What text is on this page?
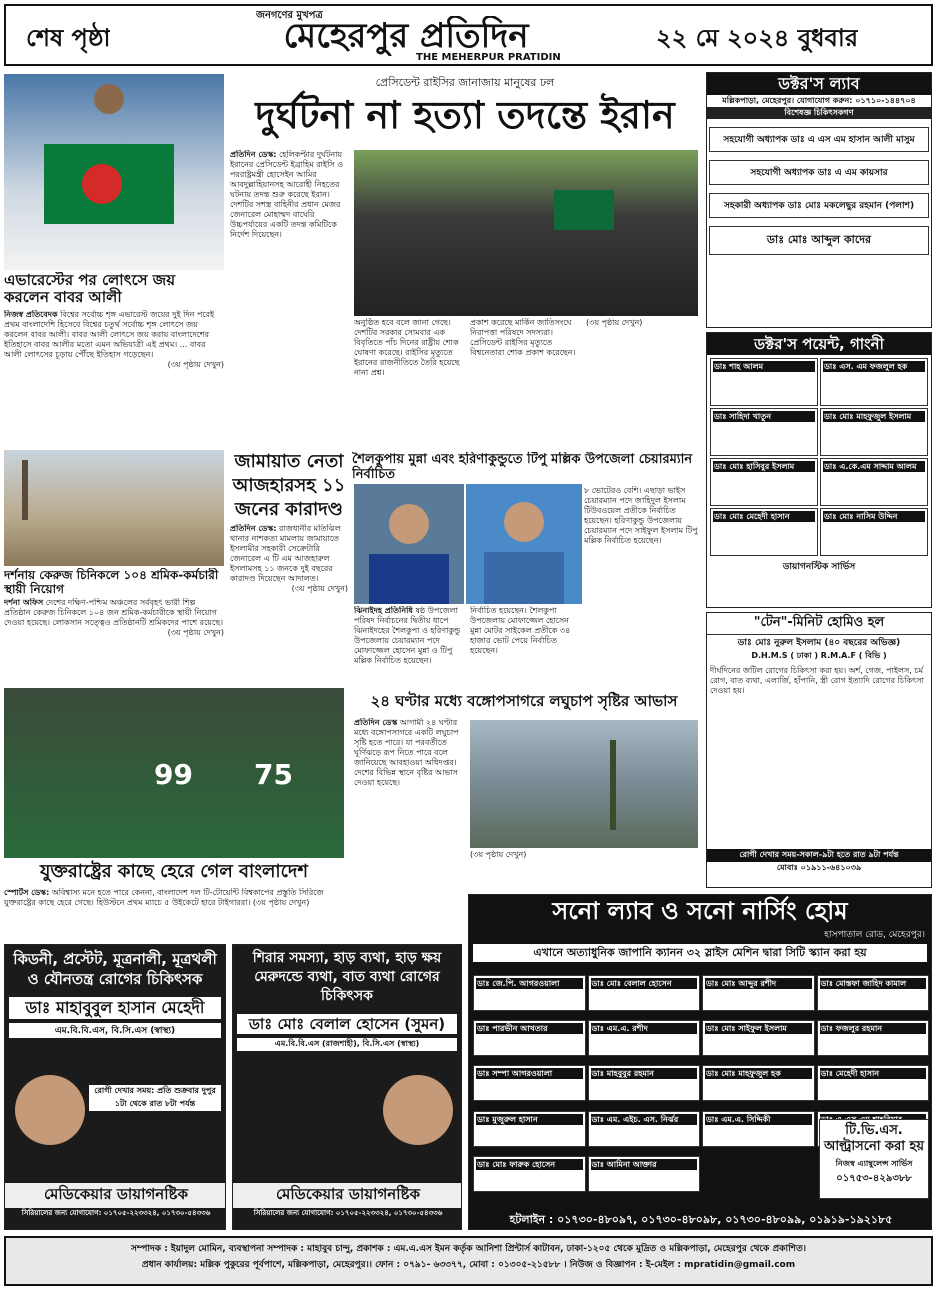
শেষ পৃষ্ঠা
জনগণের মুখপত্র
মেহেরপুর প্রতিদিন
THE MEHERPUR PRATIDIN
২২ মে ২০২৪ বুধবার
এভারেস্টের পর লোৎসে জয় করলেন বাবর আলী
নিজস্ব প্রতিবেদক বিশ্বের সর্বোচ্চ শৃঙ্গ এভারেস্ট জয়ের দুই দিন পরেই প্রথম বাংলাদেশি হিসেবে বিশ্বের চতুর্থ সর্বোচ্চ শৃঙ্গ লোৎসে জয় করলেন বাবর আলী। বাবর আলী লোৎসে জয় করায় বাংলাদেশের ইতিহাসে বাবর আলীর মতো এমন অভিযাত্রী এই প্রথম। ... বাবর আলী লোৎসের চূড়ায় পৌঁছে ইতিহাস গড়েছেন।
(৩য় পৃষ্ঠায় দেখুন)
প্রেসিডেন্ট রাইসির জানাজায় মানুষের ঢল
দুর্ঘটনা না হত্যা তদন্তে ইরান
প্রতিদিন ডেস্ক: হেলিকপ্টার দুর্ঘটনায় ইরানের প্রেসিডেন্ট ইব্রাহিম রাইসি ও পররাষ্ট্রমন্ত্রী হোসেইন আমির আবদুল্লাহিয়ানসহ আরোহী নিহতের ঘটনায় তদন্ত শুরু করেছে ইরান। দেশটির সশস্ত্র বাহিনীর প্রধান মেজর জেনারেল মোহাম্মদ বাঘেরি উচ্চপর্যায়ের একটি তদন্ত কমিটিকে নির্দেশ দিয়েছেন।
অনুষ্ঠিত হবে বলে জানা গেছে। দেশটির সরকার সোমবার এক বিবৃতিতে পাঁচ দিনের রাষ্ট্রীয় শোক ঘোষণা করেছে। রাইসির মৃত্যুতে ইরানের রাজনীতিতে তৈরি হয়েছে নানা প্রশ্ন।
প্রকাশ করেছে মার্কিন জাতিসংঘে নিরাপত্তা পরিষদে সদস্যরা। প্রেসিডেন্ট রাইসির মৃত্যুতে বিশ্বনেতারা শোক প্রকাশ করেছেন।
(৩য় পৃষ্ঠায় দেখুন)
দর্শনায় কেরুজ চিনিকলে ১০৪ শ্রমিক-কর্মচারী স্থায়ী নিয়োগ
দর্শনা অফিস দেশের দক্ষিণ-পশ্চিম অঞ্চলের সর্ববৃহৎ ভারী শিল্প প্রতিষ্ঠান কেরুজ চিনিকলে ১০৪ জন শ্রমিক-কর্মচারীকে স্থায়ী নিয়োগ দেওয়া হয়েছে। লোকসান সত্ত্বেও প্রতিষ্ঠানটি শ্রমিকদের পাশে রয়েছে।
(৩য় পৃষ্ঠায় দেখুন)
জামায়াত নেতা আজহারসহ ১১ জনের কারাদণ্ড
প্রতিদিন ডেস্ক: রাজধানীর মতিঝিল থানার নাশকতা মামলায় জামায়াতে ইসলামীর সহকারী সেক্রেটারি জেনারেল এ টি এম আজহারুল ইসলামসহ ১১ জনকে দুই বছরের কারাদণ্ড দিয়েছেন আদালত।
(৩য় পৃষ্ঠায় দেখুন)
শৈলকুপায় মুন্না এবং হরিণাকুন্ডুতে টিপু মল্লিক উপজেলা চেয়ারম্যান নির্বাচিত
৮ ভোটেরও বেশি। এছাড়া ভাইস চেয়ারম্যান পদে জাহিদুল ইসলাম টিউবওয়েল প্রতীকে নির্বাচিত হয়েছেন। হরিণাকুন্ডু উপজেলায় চেয়ারম্যান পদে সাইফুল ইসলাম টিপু মল্লিক নির্বাচিত হয়েছেন।
ঝিনাইদহ প্রতিনিধি ষষ্ঠ উপজেলা পরিষদ নির্বাচনের দ্বিতীয় ধাপে ঝিনাইদহের শৈলকুপা ও হরিণাকুন্ডু উপজেলায় চেয়ারম্যান পদে মোফাজ্জেল হোসেন মুন্না ও টিপু মল্লিক নির্বাচিত হয়েছেন।
নির্বাচিত হয়েছেন। শৈলকুপা উপজেলায় মোফাজ্জেল হোসেন মুন্না মোটর সাইকেল প্রতীকে ৩৪ হাজার ভোট পেয়ে নির্বাচিত হয়েছেন।
99 75
যুক্তরাষ্ট্রের কাছে হেরে গেল বাংলাদেশ
স্পোর্টস ডেস্ক: অবিশ্বাস্য মনে হতে পারে কেননা, বাংলাদেশ দল টি-টোয়েন্টি বিশ্বকাপের প্রস্তুতি সিরিজে যুক্তরাষ্ট্রের কাছে হেরে গেছে। হিউস্টনে প্রথম ম্যাচে ৫ উইকেটে হারে টাইগাররা। (৩য় পৃষ্ঠায় দেখুন)
২৪ ঘণ্টার মধ্যে বঙ্গোপসাগরে লঘুচাপ সৃষ্টির আভাস
প্রতিদিন ডেস্ক আগামী ২৪ ঘণ্টার মধ্যে বঙ্গোপসাগরে একটি লঘুচাপ সৃষ্টি হতে পারে। যা পরবর্তীতে ঘূর্ণিঝড়ে রূপ নিতে পারে বলে জানিয়েছে আবহাওয়া অধিদপ্তর। দেশের বিভিন্ন স্থানে বৃষ্টির আভাস দেওয়া হয়েছে।
(৩য় পৃষ্ঠায় দেখুন)
ডক্টর'স ল্যাব
মল্লিকপাড়া, মেহেরপুর। যোগাযোগ করুন: ০১৭১০-১৪৪৭০৪
বিশেষজ্ঞ চিকিৎসকগণ
সহযোগী অধ্যাপক ডাঃ এ এস এম হাসান আলী মাসুম
সহযোগী অধ্যাপক ডাঃ এ এম কায়সার
সহকারী অধ্যাপক ডাঃ মোঃ মকলেছুর রহমান (পলাশ)
ডাঃ মোঃ আব্দুল কাদের
ডক্টর'স পয়েন্ট, গাংনী
ডাঃ শাহ আলম	ডাঃ এস. এম ফজলুল হক
ডাঃ সাহিদা খাতুন	ডাঃ মোঃ মাহফুজুল ইসলাম
ডাঃ মোঃ হাসিবুর ইসলাম	ডাঃ এ.কে.এম সাদ্দাম আলম
ডাঃ মোঃ মেহেদী হাসান	ডাঃ মোঃ নাসিম উদ্দিন
ডায়াগনস্টিক সার্ভিস
"টেন"-মিনিট হোমিও হল
ডাঃ মোঃ নুরুল ইসলাম (৪০ বছরের অভিজ্ঞ)
D.H.M.S ( ঢাকা ) R.M.A.F ( বিভি )
দীর্ঘদিনের জটিল রোগের চিকিৎসা করা হয়। অর্শ, গেজ, পাইলস, চর্ম রোগ, বাত ব্যথা, এলার্জি, হাঁপানি, স্ত্রী রোগ ইত্যাদি রোগের চিকিৎসা দেওয়া হয়।
রোগী দেখার সময়-সকাল-৯টা হতে রাত ৯টা পর্যন্ত
মোবাঃ ০১৯১১-৬৪১০৩৯
কিডনী, প্রস্টেট, মূত্রনালী, মূত্রথলী ও যৌনতন্ত্র রোগের চিকিৎসক
ডাঃ মাহাবুবুল হাসান মেহেদী
এম.বি.বি.এস, বি.সি.এস (স্বাস্থ্য)
রোগী দেখার সময়: প্রতি শুক্রবার দুপুর ১টা থেকে রাত ৮টা পর্যন্ত
মেডিকেয়ার ডায়াগনষ্টিক
সিরিয়ালের জন্য যোগাযোগ: ০১৭০৫-২২৩৩২৪, ০১৭৩০-৫৪৩৩৬
শিরার সমস্যা, হাড় ব্যথা, হাড় ক্ষয় মেরুদন্ডে ব্যথা, বাত ব্যথা রোগের চিকিৎসক
ডাঃ মোঃ বেলাল হোসেন (সুমন)
এম.বি.বি.এস (রাজশাহী), বি.সি.এস (স্বাস্থ্য)
মেডিকেয়ার ডায়াগনষ্টিক
সিরিয়ালের জন্য যোগাযোগ: ০১৭০৫-২২৩৩২৪, ০১৭৩০-৫৪৩৩৬
সনো ল্যাব ও সনো নার্সিং হোম
হাসপাতাল রোড, মেহেরপুর।
এখানে অত্যাধুনিক জাপানি ক্যানন ৩২ স্লাইস মেশিন দ্বারা সিটি স্ক্যান করা হয়
ডাঃ জে.পি. আগরওয়ালা	ডাঃ মোঃ বেলাল হোসেন	ডাঃ মোঃ আব্দুর রশীদ	ডাঃ মোস্তফা জাহিদ কামাল
ডাঃ পারভীন আখতার	ডাঃ এম.এ. রশীদ	ডাঃ মোঃ সাইফুল ইসলাম	ডাঃ ফজলুর রহমান
ডাঃ সম্পা আগরওয়ালা	ডাঃ মাহবুবুর রহমান	ডাঃ মোঃ মাহফুজুল হক	ডাঃ মেহেদী হাসান
ডাঃ মুজুরুল হাসান	ডাঃ এম. এইচ. এস. নির্ঝর	ডাঃ এম.এ. সিদ্দিকী
ডাঃ মোঃ ফারুক হোসেন	ডাঃ আমিনা আক্তার
টি.ভি.এস. আল্ট্রাসনো করা হয়
নিজস্ব এ্যাম্বুলেন্স সার্ভিস
০১৭৫৩-৪২৯৩৮৮
হটলাইন : ০১৭৩০-৪৮০৯৭, ০১৭৩০-৪৮০৯৮, ০১৭৩০-৪৮০৯৯, ০১৯১৯-১৯২১৮৫
সম্পাদক : ইয়াদুল মোমিন, ব্যবস্থাপনা সম্পাদক : মাহাবুব চান্দু, প্রকাশক : এম.এ.এস ইমন কর্তৃক আনিশা প্রিন্টার্স কাটাবন, ঢাকা-১২০৫ থেকে মুদ্রিত ও মল্লিকপাড়া, মেহেরপুর থেকে প্রকাশিত।
প্রধান কার্যালয়: মল্লিক পুকুরের পূর্বপাশে, মল্লিকপাড়া, মেহেরপুর।। ফোন : ০৭৯১- ৬৩৩৭৭, মোবা : ০১৩০৫-২১৫৮৮ । নিউজ ও বিজ্ঞাপন : ই-মেইল : mpratidin@gmail.com
